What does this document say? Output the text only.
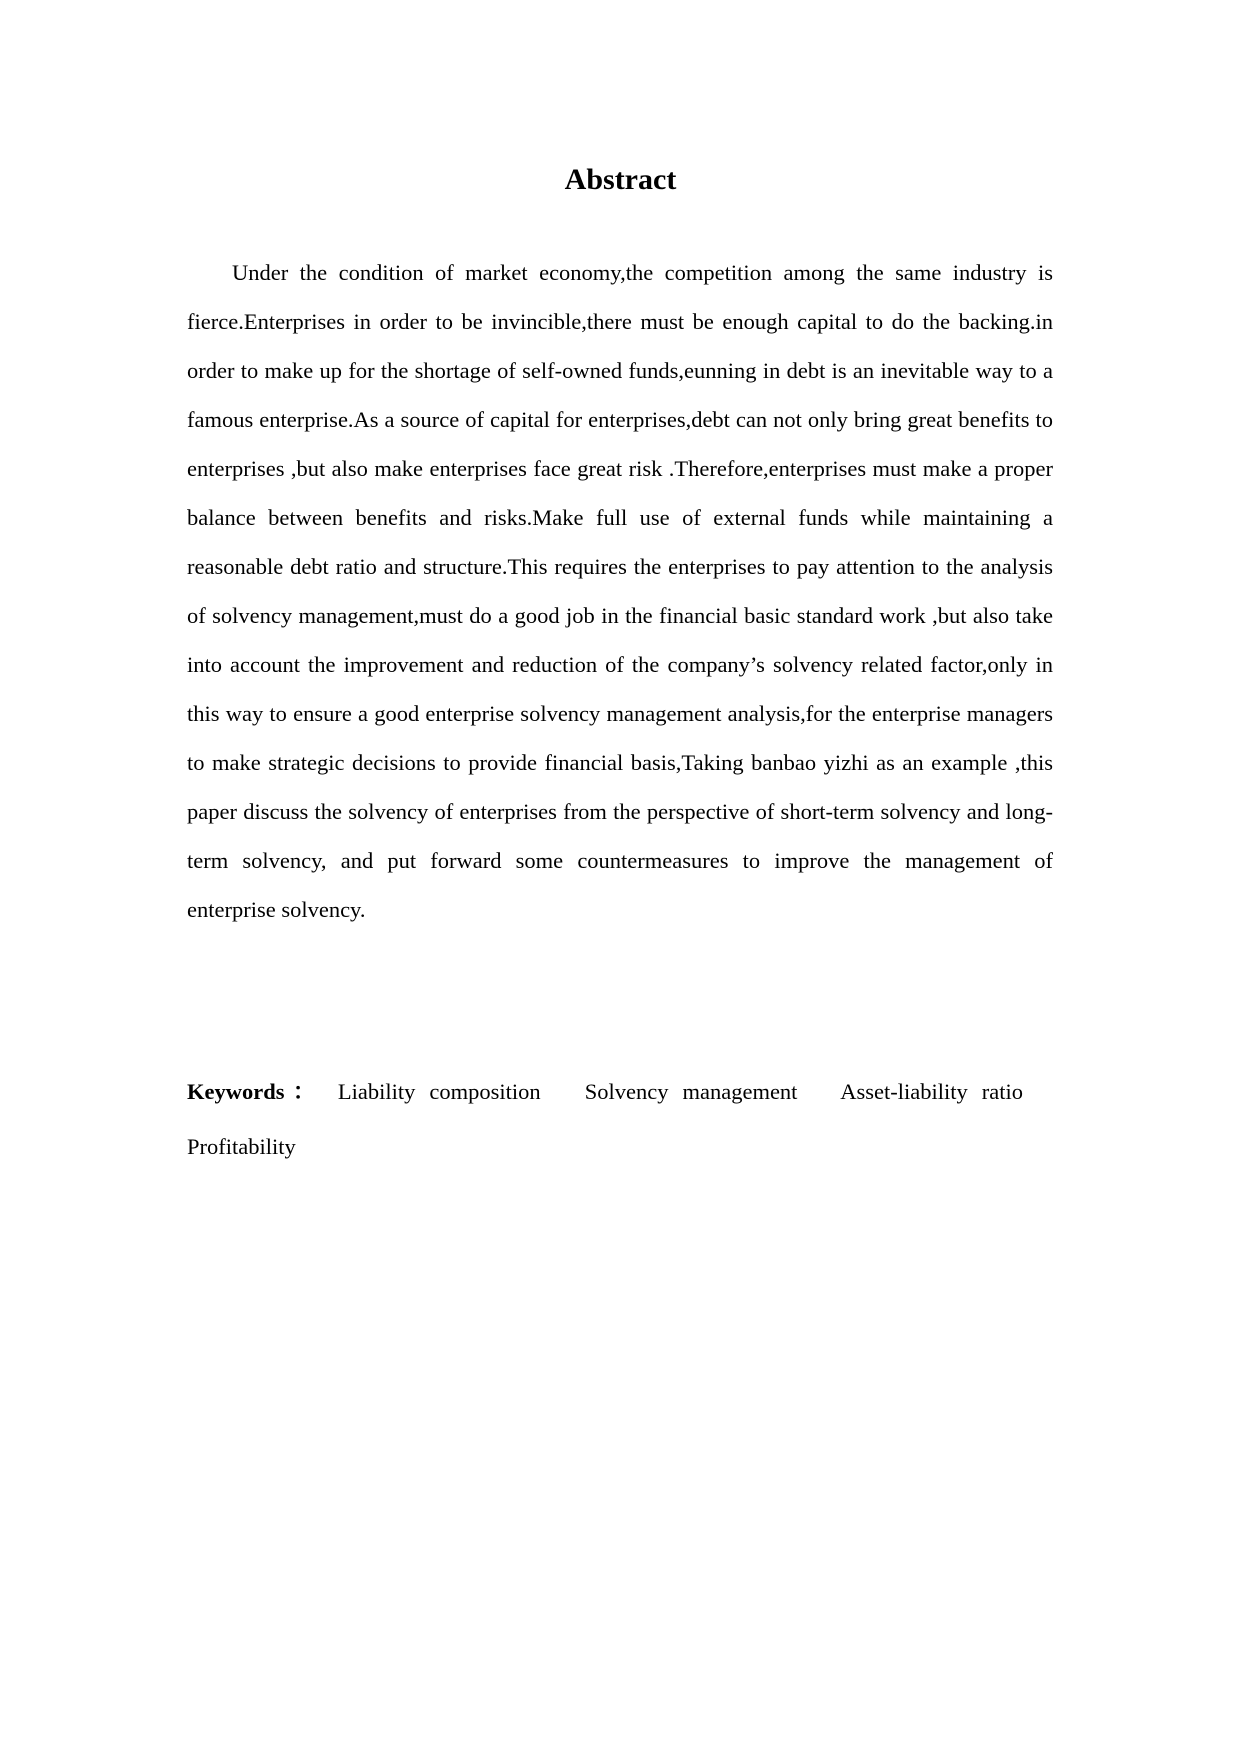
Abstract

Under the condition of market economy,the competition among the same industry is fierce.Enterprises in order to be invincible,there must be enough capital to do the backing.in order to make up for the shortage of self-owned funds,eunning in debt is an inevitable way to a famous enterprise.As a source of capital for enterprises,debt can not only bring great benefits to enterprises ,but also make enterprises face great risk .Therefore,enterprises must make a proper balance between benefits and risks.Make full use of external funds while maintaining a reasonable debt ratio and structure.This requires the enterprises to pay attention to the analysis of solvency management,must do a good job in the financial basic standard work ,but also take into account the improvement and reduction of the company’s solvency related factor,only in this way to ensure a good enterprise solvency management analysis,for the enterprise managers to make strategic decisions to provide financial basis,Taking banbao yizhi as an example ,this paper discuss the solvency of enterprises from the perspective of short-term solvency and long-term solvency, and put forward some countermeasures to improve the management of enterprise solvency.

Keywords： Liability composition Solvency management Asset-liability ratio Profitability
